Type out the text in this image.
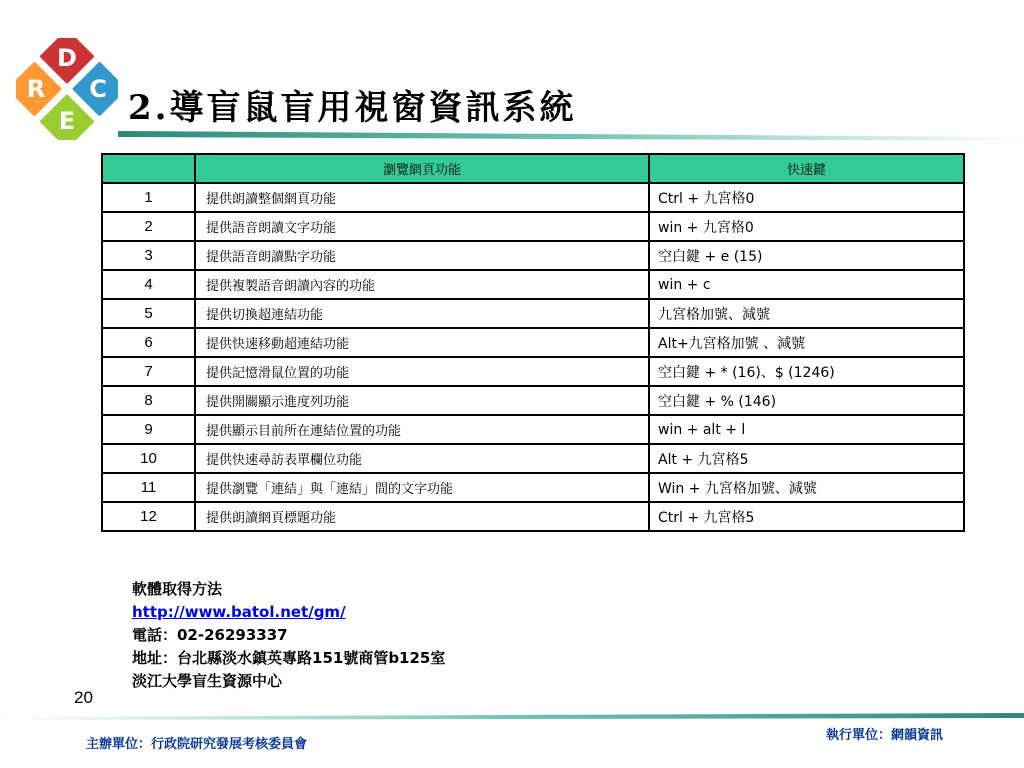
R
D
E
C 2.導盲鼠盲用視窗資訊系統
	瀏覽網頁功能	快速鍵
1	提供朗讀整個網頁功能	Ctrl + 九宮格0
2	提供語音朗讀文字功能	win + 九宮格0
3	提供語音朗讀點字功能	空白鍵 + e (15)
4	提供複製語音朗讀內容的功能	win + c
5	提供切換超連結功能	九宮格加號、減號
6	提供快速移動超連結功能	Alt+九宮格加號 、減號
7	提供記憶滑鼠位置的功能	空白鍵 + * (16)、$ (1246)
8	提供開關顯示進度列功能	空白鍵 + % (146)
9	提供顯示目前所在連結位置的功能	win + alt + l
10	提供快速尋訪表單欄位功能	Alt + 九宮格5
11	提供瀏覽「連結」與「連結」間的文字功能	Win + 九宮格加號、減號
12	提供朗讀網頁標題功能	Ctrl + 九宮格5
軟體取得方法
http://www.batol.net/gm/
電話：02-26293337
地址：台北縣淡水鎮英專路151號商管b125室
淡江大學盲生資源中心
20
主辦單位：行政院研究發展考核委員會
執行單位：網韻資訊
